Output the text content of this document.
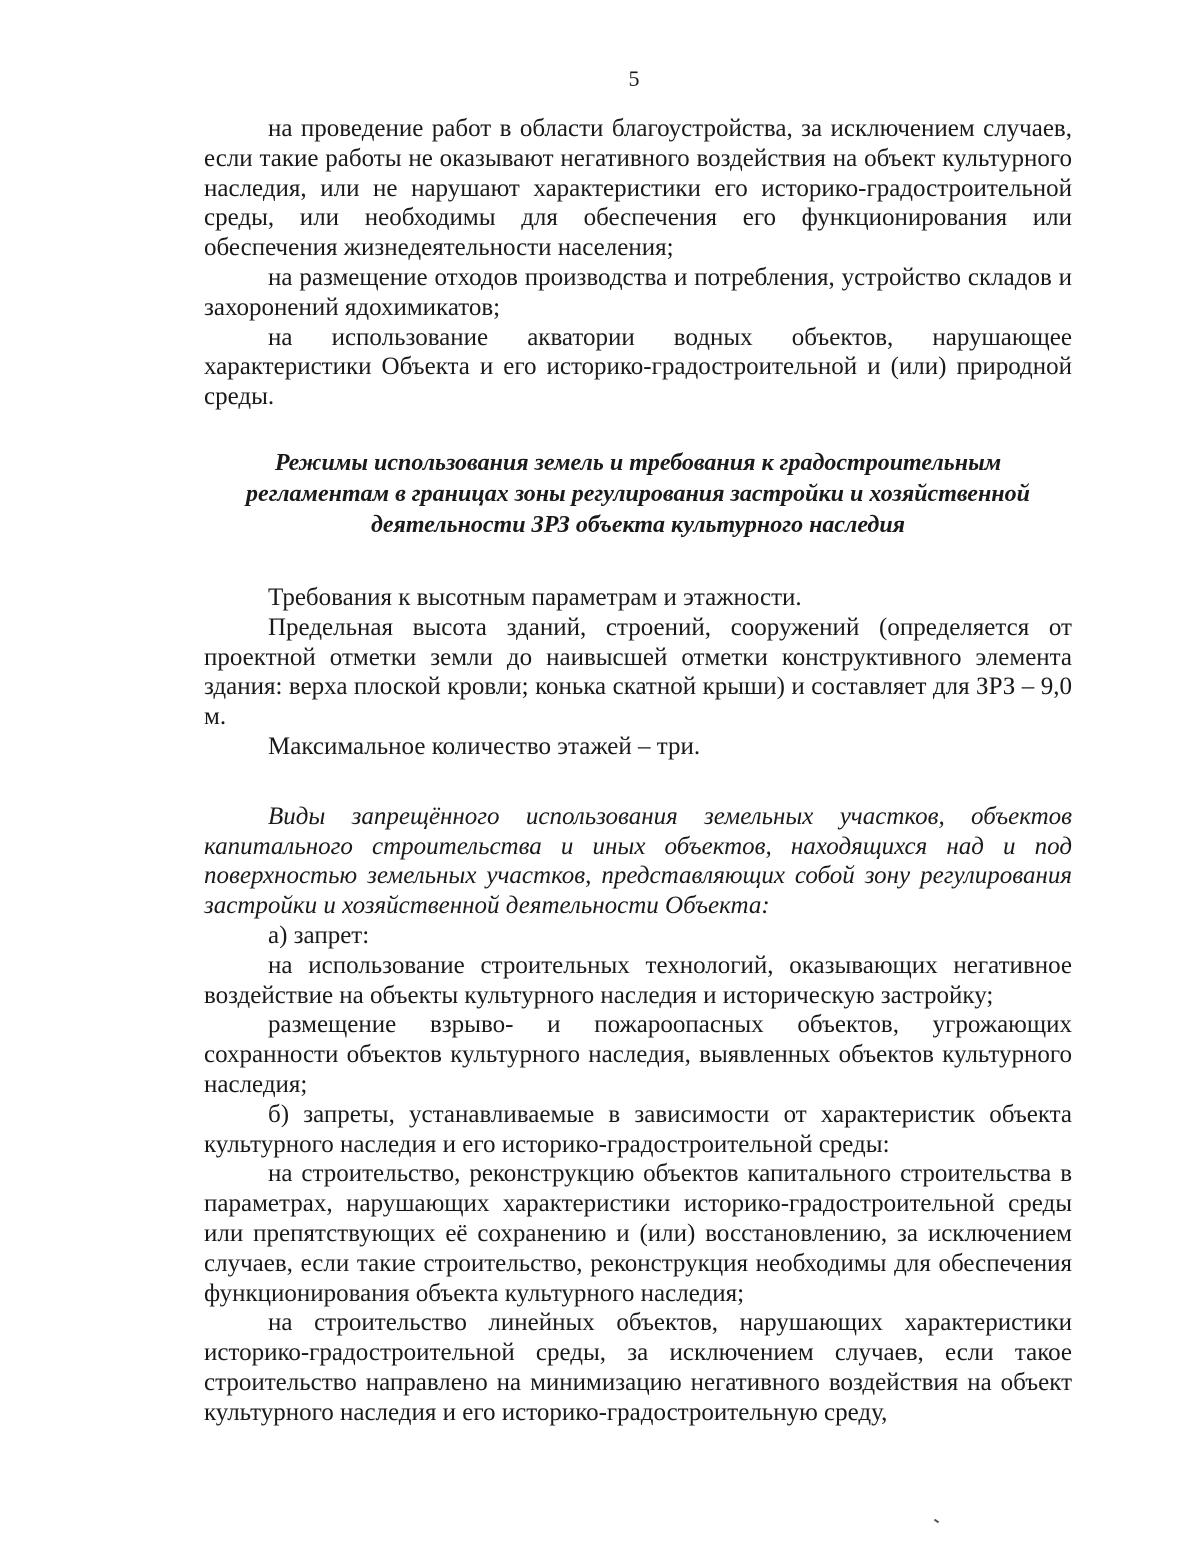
5

на проведение работ в области благоустройства, за исключением случаев, если такие работы не оказывают негативного воздействия на объект культурного наследия, или не нарушают характеристики его историко-градостроительной среды, или необходимы для обеспечения его функционирования или обеспечения жизнедеятельности населения;

на размещение отходов производства и потребления, устройство складов и захоронений ядохимикатов;

на использование акватории водных объектов, нарушающее характеристики Объекта и его историко-градостроительной и (или) природной среды.

Режимы использования земель и требования к градостроительным регламентам в границах зоны регулирования застройки и хозяйственной деятельности ЗРЗ объекта культурного наследия

Требования к высотным параметрам и этажности.

Предельная высота зданий, строений, сооружений (определяется от проектной отметки земли до наивысшей отметки конструктивного элемента здания: верха плоской кровли; конька скатной крыши) и составляет для ЗРЗ – 9,0 м.

Максимальное количество этажей – три.

Виды запрещённого использования земельных участков, объектов капитального строительства и иных объектов, находящихся над и под поверхностью земельных участков, представляющих собой зону регулирования застройки и хозяйственной деятельности Объекта:

а) запрет:

на использование строительных технологий, оказывающих негативное воздействие на объекты культурного наследия и историческую застройку;

размещение взрыво- и пожароопасных объектов, угрожающих сохранности объектов культурного наследия, выявленных объектов культурного наследия;

б) запреты, устанавливаемые в зависимости от характеристик объекта культурного наследия и его историко-градостроительной среды:

на строительство, реконструкцию объектов капитального строительства в параметрах, нарушающих характеристики историко-градостроительной среды или препятствующих её сохранению и (или) восстановлению, за исключением случаев, если такие строительство, реконструкция необходимы для обеспечения функционирования объекта культурного наследия;

на строительство линейных объектов, нарушающих характеристики историко-градостроительной среды, за исключением случаев, если такое строительство направлено на минимизацию негативного воздействия на объект культурного наследия и его историко-градостроительную среду,
